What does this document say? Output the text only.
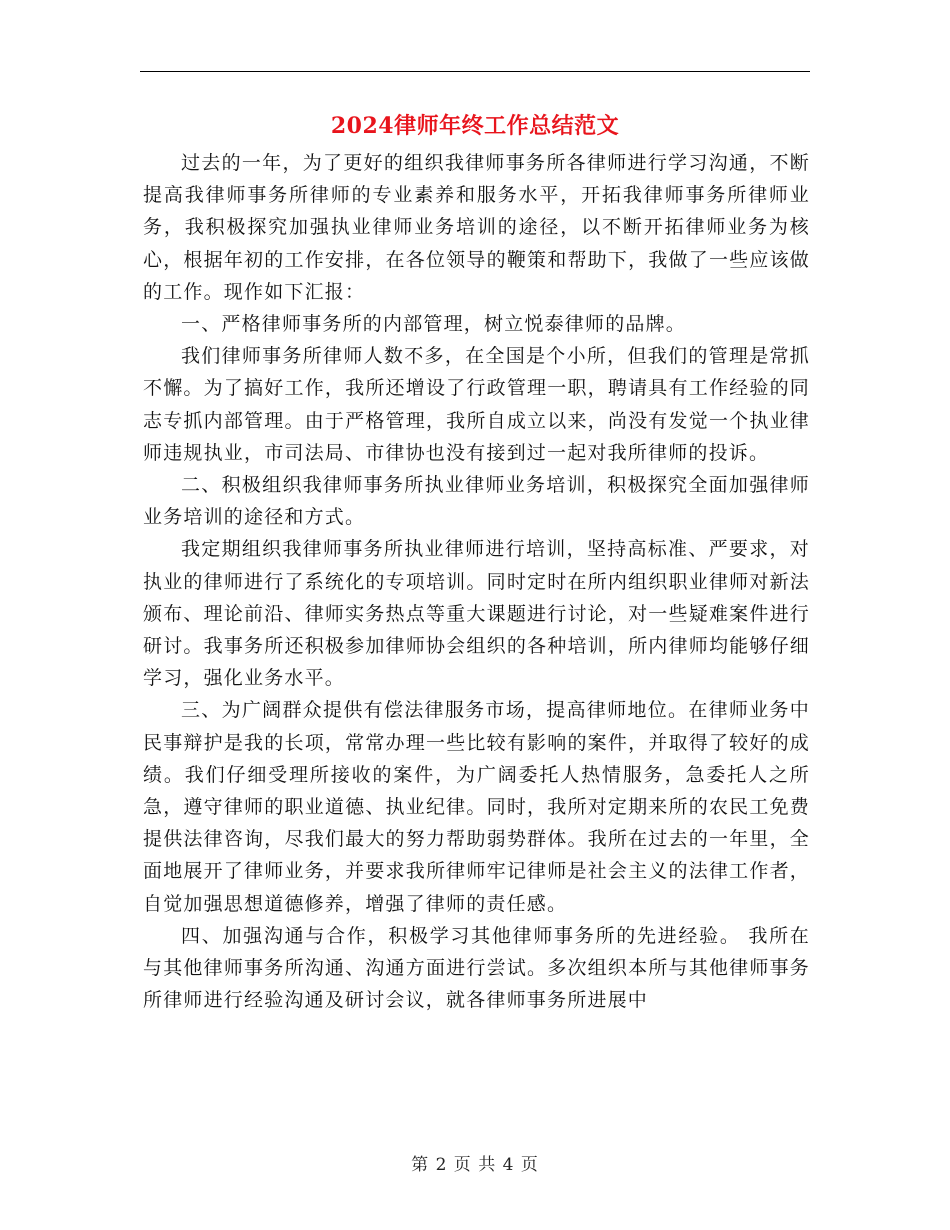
2024律师年终工作总结范文

过去的一年，为了更好的组织我律师事务所各律师进行学习沟通，不断提高我律师事务所律师的专业素养和服务水平，开拓我律师事务所律师业务，我积极探究加强执业律师业务培训的途径，以不断开拓律师业务为核心，根据年初的工作安排，在各位领导的鞭策和帮助下，我做了一些应该做的工作。现作如下汇报：

一、严格律师事务所的内部管理，树立悦泰律师的品牌。

我们律师事务所律师人数不多，在全国是个小所，但我们的管理是常抓不懈。为了搞好工作，我所还增设了行政管理一职，聘请具有工作经验的同志专抓内部管理。由于严格管理，我所自成立以来，尚没有发觉一个执业律师违规执业，市司法局、市律协也没有接到过一起对我所律师的投诉。

二、积极组织我律师事务所执业律师业务培训，积极探究全面加强律师业务培训的途径和方式。

我定期组织我律师事务所执业律师进行培训，坚持高标准、严要求，对执业的律师进行了系统化的专项培训。同时定时在所内组织职业律师对新法颁布、理论前沿、律师实务热点等重大课题进行讨论，对一些疑难案件进行研讨。我事务所还积极参加律师协会组织的各种培训，所内律师均能够仔细学习，强化业务水平。

三、为广阔群众提供有偿法律服务市场，提高律师地位。在律师业务中民事辩护是我的长项，常常办理一些比较有影响的案件，并取得了较好的成绩。我们仔细受理所接收的案件，为广阔委托人热情服务，急委托人之所急，遵守律师的职业道德、执业纪律。同时，我所对定期来所的农民工免费提供法律咨询，尽我们最大的努力帮助弱势群体。我所在过去的一年里，全面地展开了律师业务，并要求我所律师牢记律师是社会主义的法律工作者，自觉加强思想道德修养，增强了律师的责任感。

四、加强沟通与合作，积极学习其他律师事务所的先进经验。 我所在与其他律师事务所沟通、沟通方面进行尝试。多次组织本所与其他律师事务所律师进行经验沟通及研讨会议，就各律师事务所进展中

第 2 页 共 4 页
